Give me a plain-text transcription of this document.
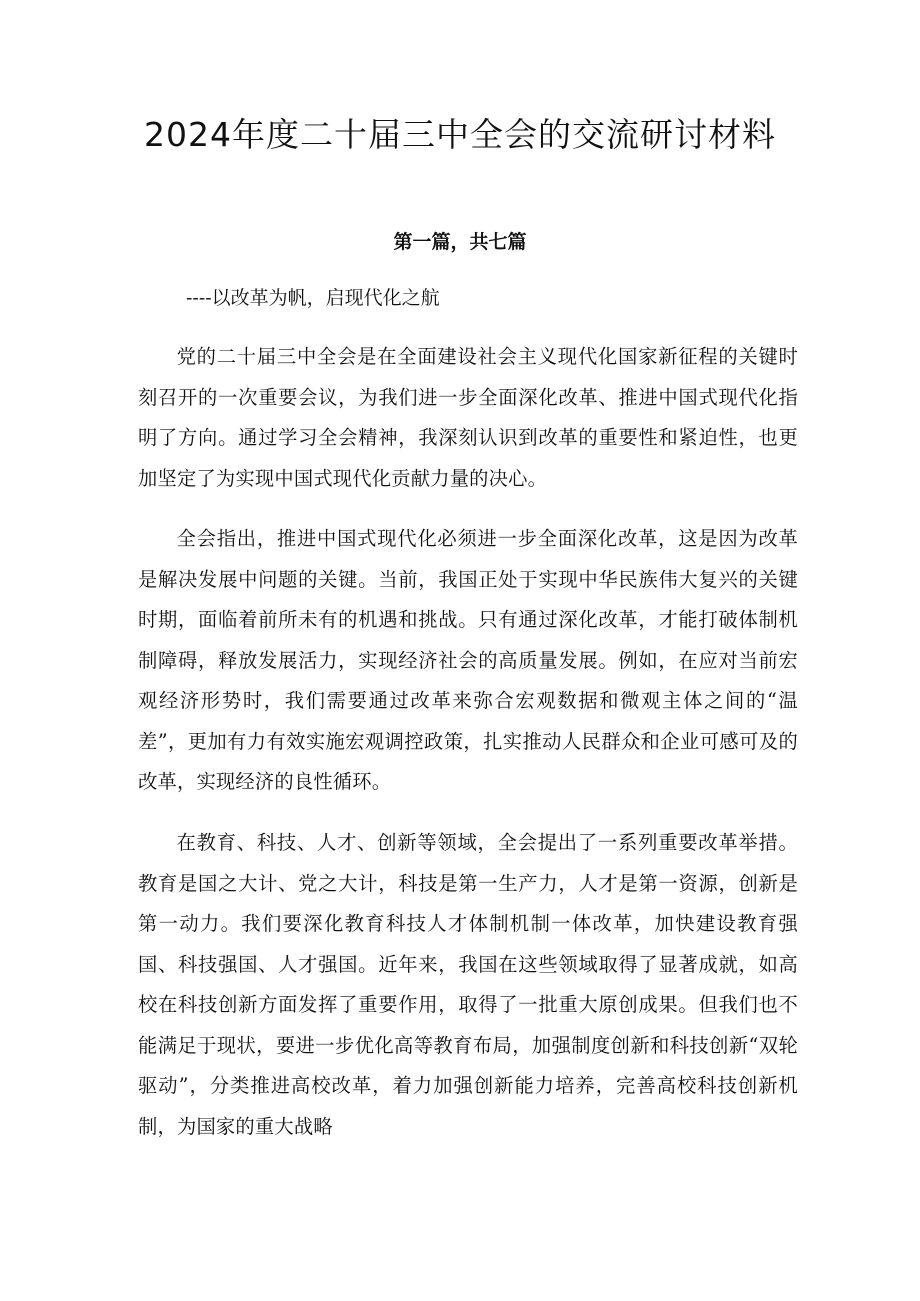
2024年度二十届三中全会的交流研讨材料
第一篇，共七篇

----以改革为帆，启现代化之航

党的二十届三中全会是在全面建设社会主义现代化国家新征程的关键时刻召开的一次重要会议，为我们进一步全面深化改革、推进中国式现代化指明了方向。通过学习全会精神，我深刻认识到改革的重要性和紧迫性，也更加坚定了为实现中国式现代化贡献力量的决心。

全会指出，推进中国式现代化必须进一步全面深化改革，这是因为改革是解决发展中问题的关键。当前，我国正处于实现中华民族伟大复兴的关键时期，面临着前所未有的机遇和挑战。只有通过深化改革，才能打破体制机制障碍，释放发展活力，实现经济社会的高质量发展。例如，在应对当前宏观经济形势时，我们需要通过改革来弥合宏观数据和微观主体之间的“温差”，更加有力有效实施宏观调控政策，扎实推动人民群众和企业可感可及的改革，实现经济的良性循环。

在教育、科技、人才、创新等领域，全会提出了一系列重要改革举措。教育是国之大计、党之大计，科技是第一生产力，人才是第一资源，创新是第一动力。我们要深化教育科技人才体制机制一体改革，加快建设教育强国、科技强国、人才强国。近年来，我国在这些领域取得了显著成就，如高校在科技创新方面发挥了重要作用，取得了一批重大原创成果。但我们也不能满足于现状，要进一步优化高等教育布局，加强制度创新和科技创新“双轮驱动”，分类推进高校改革，着力加强创新能力培养，完善高校科技创新机制，为国家的重大战略
